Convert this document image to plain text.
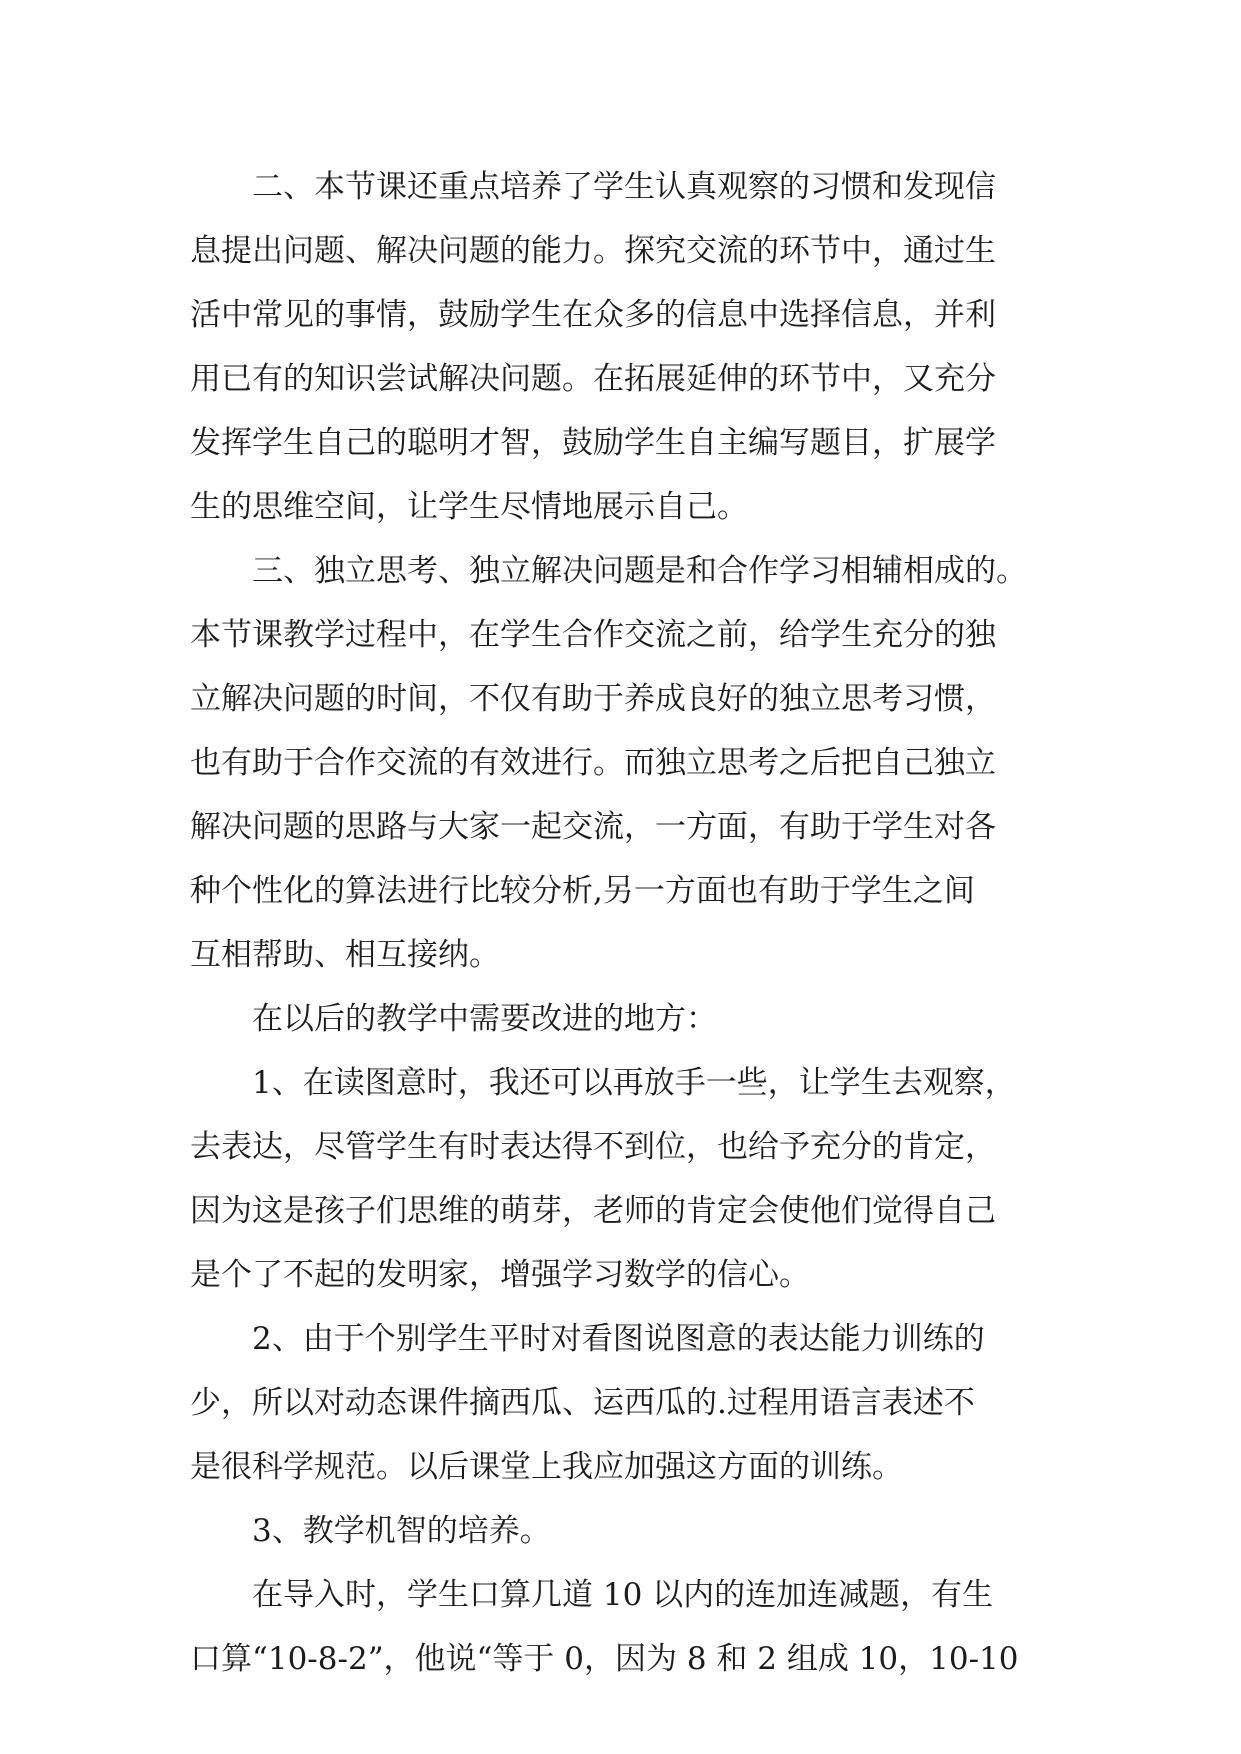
二、本节课还重点培养了学生认真观察的习惯和发现信
息提出问题、解决问题的能力。探究交流的环节中，通过生
活中常见的事情，鼓励学生在众多的信息中选择信息，并利
用已有的知识尝试解决问题。在拓展延伸的环节中，又充分
发挥学生自己的聪明才智，鼓励学生自主编写题目，扩展学
生的思维空间，让学生尽情地展示自己。
三、独立思考、独立解决问题是和合作学习相辅相成的。
本节课教学过程中，在学生合作交流之前，给学生充分的独
立解决问题的时间，不仅有助于养成良好的独立思考习惯，
也有助于合作交流的有效进行。而独立思考之后把自己独立
解决问题的思路与大家一起交流，一方面，有助于学生对各
种个性化的算法进行比较分析,另一方面也有助于学生之间
互相帮助、相互接纳。
在以后的教学中需要改进的地方：
1、在读图意时，我还可以再放手一些，让学生去观察，
去表达，尽管学生有时表达得不到位，也给予充分的肯定，
因为这是孩子们思维的萌芽，老师的肯定会使他们觉得自己
是个了不起的发明家，增强学习数学的信心。
2、由于个别学生平时对看图说图意的表达能力训练的
少，所以对动态课件摘西瓜、运西瓜的.过程用语言表述不
是很科学规范。以后课堂上我应加强这方面的训练。
3、教学机智的培养。
在导入时，学生口算几道 10 以内的连加连减题，有生
口算“10-8-2”，他说“等于 0，因为 8 和 2 组成 10，10-10
